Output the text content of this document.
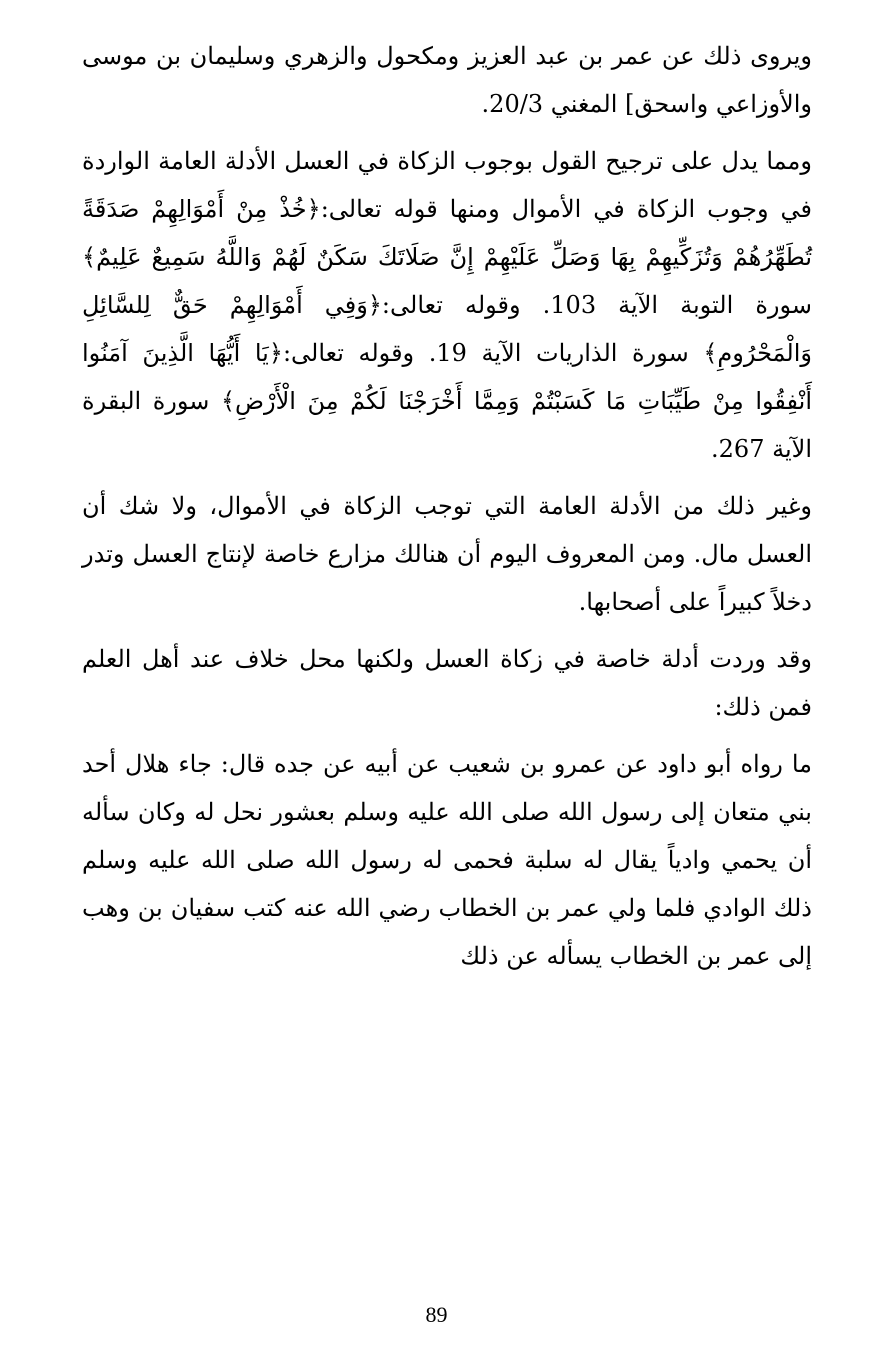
ويروى ذلك عن عمر بن عبد العزيز ومكحول والزهري وسليمان بن موسى والأوزاعي واسحق] المغني 20/3.

ومما يدل على ترجيح القول بوجوب الزكاة في العسل الأدلة العامة الواردة في وجوب الزكاة في الأموال ومنها قوله تعالى:﴿خُذْ مِنْ أَمْوَالِهِمْ صَدَقَةً تُطَهِّرُهُمْ وَتُزَكِّيهِمْ بِهَا وَصَلِّ عَلَيْهِمْ إِنَّ صَلَاتَكَ سَكَنٌ لَهُمْ وَاللَّهُ سَمِيعٌ عَلِيمٌ﴾ سورة التوبة الآية 103. وقوله تعالى:﴿وَفِي أَمْوَالِهِمْ حَقٌّ لِلسَّائِلِ وَالْمَحْرُومِ﴾ سورة الذاريات الآية 19. وقوله تعالى:﴿يَا أَيُّهَا الَّذِينَ آمَنُوا أَنْفِقُوا مِنْ طَيِّبَاتِ مَا كَسَبْتُمْ وَمِمَّا أَخْرَجْنَا لَكُمْ مِنَ الْأَرْضِ﴾ سورة البقرة الآية 267.

وغير ذلك من الأدلة العامة التي توجب الزكاة في الأموال، ولا شك أن العسل مال. ومن المعروف اليوم أن هنالك مزارع خاصة لإنتاج العسل وتدر دخلاً كبيراً على أصحابها.

وقد وردت أدلة خاصة في زكاة العسل ولكنها محل خلاف عند أهل العلم فمن ذلك:

ما رواه أبو داود عن عمرو بن شعيب عن أبيه عن جده قال: جاء هلال أحد بني متعان إلى رسول الله صلى الله عليه وسلم بعشور نحل له وكان سأله أن يحمي وادياً يقال له سلبة فحمى له رسول الله صلى الله عليه وسلم ذلك الوادي فلما ولي عمر بن الخطاب رضي الله عنه كتب سفيان بن وهب إلى عمر بن الخطاب يسأله عن ذلك

89
